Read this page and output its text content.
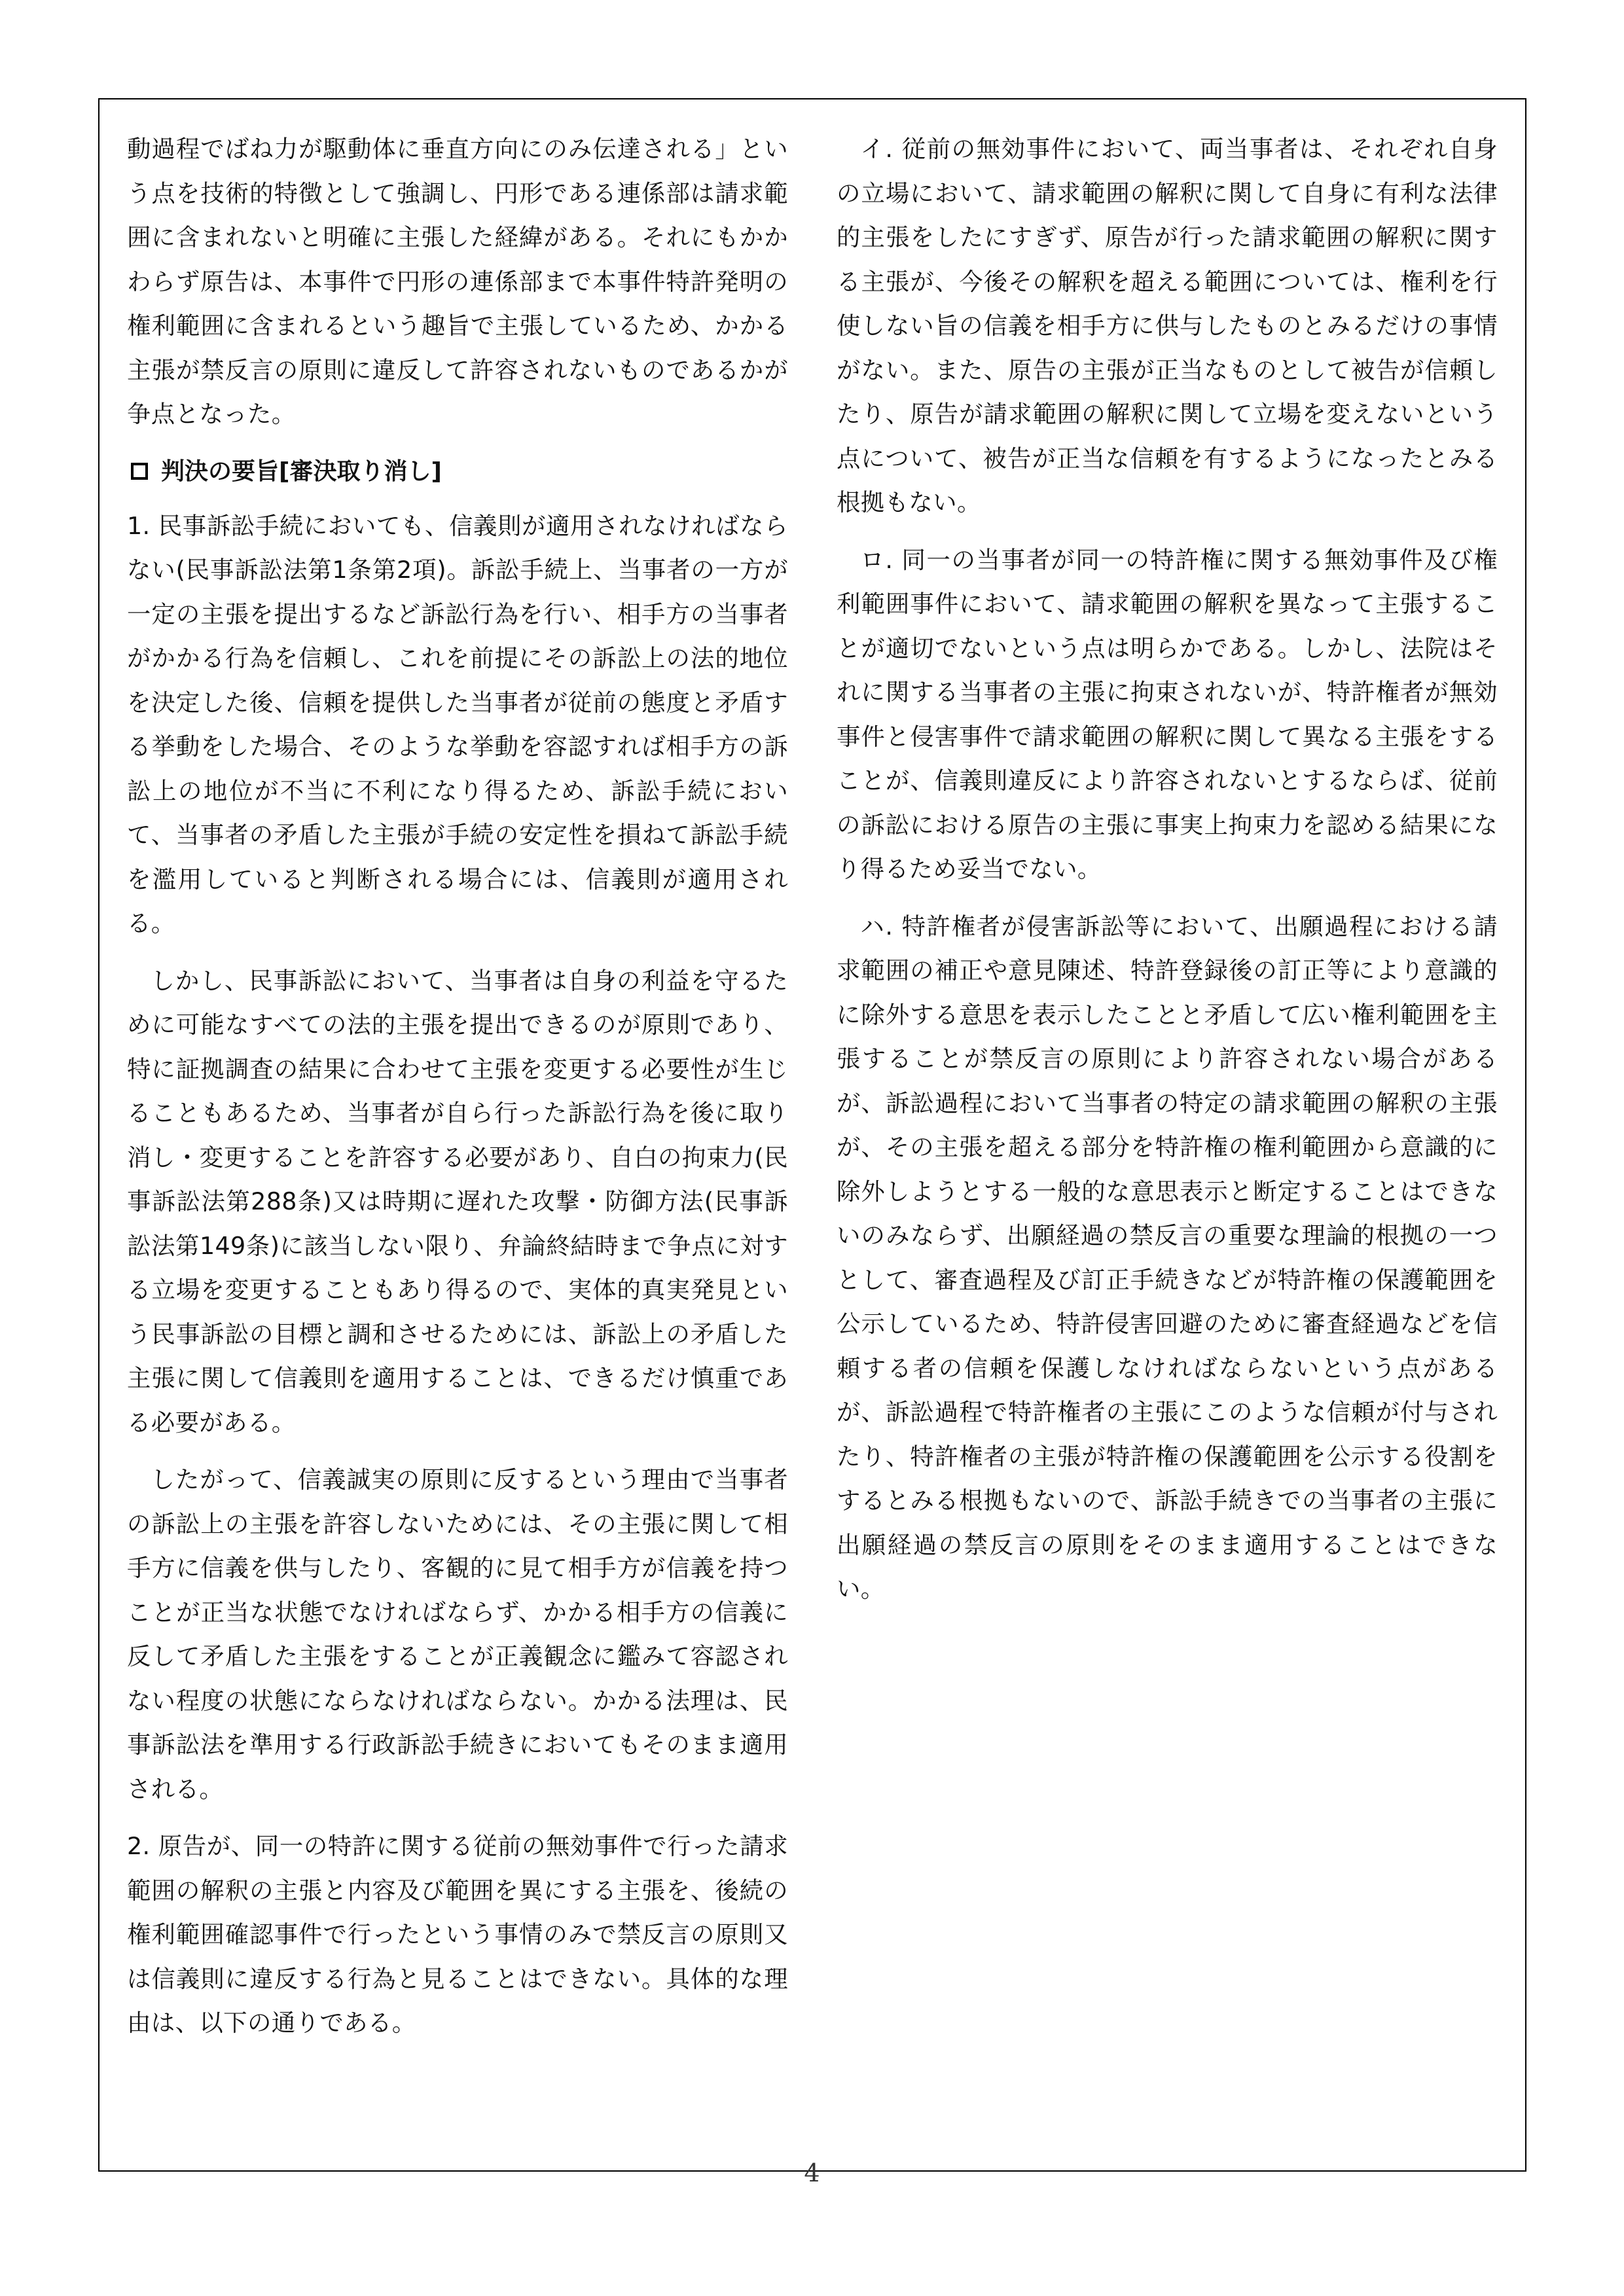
動過程でばね力が駆動体に垂直方向にのみ伝達される」という点を技術的特徴として強調し、円形である連係部は請求範囲に含まれないと明確に主張した経緯がある。それにもかかわらず原告は、本事件で円形の連係部まで本事件特許発明の権利範囲に含まれるという趣旨で主張しているため、かかる主張が禁反言の原則に違反して許容されないものであるかが争点となった。

判決の要旨[審決取り消し]

1. 民事訴訟手続においても、信義則が適用されなければならない(民事訴訟法第1条第2項)。訴訟手続上、当事者の一方が一定の主張を提出するなど訴訟行為を行い、相手方の当事者がかかる行為を信頼し、これを前提にその訴訟上の法的地位を決定した後、信頼を提供した当事者が従前の態度と矛盾する挙動をした場合、そのような挙動を容認すれば相手方の訴訟上の地位が不当に不利になり得るため、訴訟手続において、当事者の矛盾した主張が手続の安定性を損ねて訴訟手続を濫用していると判断される場合には、信義則が適用される。

しかし、民事訴訟において、当事者は自身の利益を守るために可能なすべての法的主張を提出できるのが原則であり、特に証拠調査の結果に合わせて主張を変更する必要性が生じることもあるため、当事者が自ら行った訴訟行為を後に取り消し・変更することを許容する必要があり、自白の拘束力(民事訴訟法第288条)又は時期に遅れた攻撃・防御方法(民事訴訟法第149条)に該当しない限り、弁論終結時まで争点に対する立場を変更することもあり得るので、実体的真実発見という民事訴訟の目標と調和させるためには、訴訟上の矛盾した主張に関して信義則を適用することは、できるだけ慎重である必要がある。

したがって、信義誠実の原則に反するという理由で当事者の訴訟上の主張を許容しないためには、その主張に関して相手方に信義を供与したり、客観的に見て相手方が信義を持つことが正当な状態でなければならず、かかる相手方の信義に反して矛盾した主張をすることが正義観念に鑑みて容認されない程度の状態にならなければならない。かかる法理は、民事訴訟法を準用する行政訴訟手続きにおいてもそのまま適用される。

2. 原告が、同一の特許に関する従前の無効事件で行った請求範囲の解釈の主張と内容及び範囲を異にする主張を、後続の権利範囲確認事件で行ったという事情のみで禁反言の原則又は信義則に違反する行為と見ることはできない。具体的な理由は、以下の通りである。

イ. 従前の無効事件において、両当事者は、それぞれ自身の立場において、請求範囲の解釈に関して自身に有利な法律的主張をしたにすぎず、原告が行った請求範囲の解釈に関する主張が、今後その解釈を超える範囲については、権利を行使しない旨の信義を相手方に供与したものとみるだけの事情がない。また、原告の主張が正当なものとして被告が信頼したり、原告が請求範囲の解釈に関して立場を変えないという点について、被告が正当な信頼を有するようになったとみる根拠もない。

ロ. 同一の当事者が同一の特許権に関する無効事件及び権利範囲事件において、請求範囲の解釈を異なって主張することが適切でないという点は明らかである。しかし、法院はそれに関する当事者の主張に拘束されないが、特許権者が無効事件と侵害事件で請求範囲の解釈に関して異なる主張をすることが、信義則違反により許容されないとするならば、従前の訴訟における原告の主張に事実上拘束力を認める結果になり得るため妥当でない。

ハ. 特許権者が侵害訴訟等において、出願過程における請求範囲の補正や意見陳述、特許登録後の訂正等により意識的に除外する意思を表示したことと矛盾して広い権利範囲を主張することが禁反言の原則により許容されない場合があるが、訴訟過程において当事者の特定の請求範囲の解釈の主張が、その主張を超える部分を特許権の権利範囲から意識的に除外しようとする一般的な意思表示と断定することはできないのみならず、出願経過の禁反言の重要な理論的根拠の一つとして、審査過程及び訂正手続きなどが特許権の保護範囲を公示しているため、特許侵害回避のために審査経過などを信頼する者の信頼を保護しなければならないという点があるが、訴訟過程で特許権者の主張にこのような信頼が付与されたり、特許権者の主張が特許権の保護範囲を公示する役割をするとみる根拠もないので、訴訟手続きでの当事者の主張に出願経過の禁反言の原則をそのまま適用することはできない。

4
